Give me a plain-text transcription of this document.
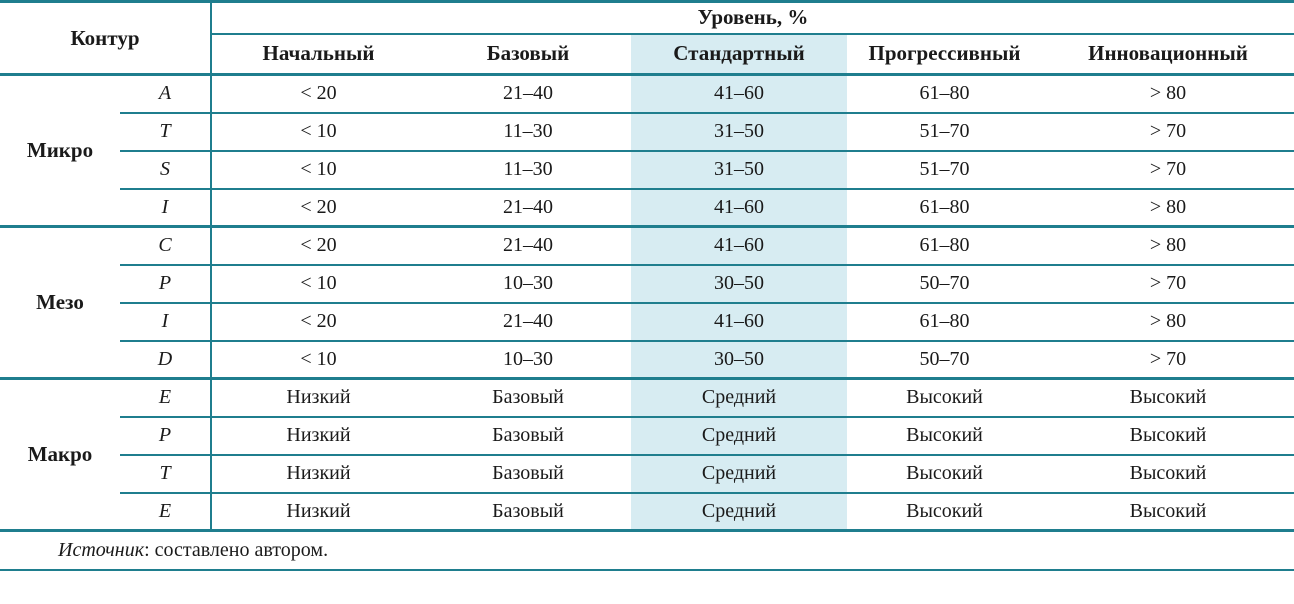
Контур		Уровень, %				
		Начальный	Базовый	Стандартный	Прогрессивный	Инновационный
Микро	A	< 20	21–40	41–60	61–80	> 80
	T	< 10	11–30	31–50	51–70	> 70
	S	< 10	11–30	31–50	51–70	> 70
	I	< 20	21–40	41–60	61–80	> 80
Мезо	C	< 20	21–40	41–60	61–80	> 80
	P	< 10	10–30	30–50	50–70	> 70
	I	< 20	21–40	41–60	61–80	> 80
	D	< 10	10–30	30–50	50–70	> 70
Макро	E	Низкий	Базовый	Средний	Высокий	Высокий
	P	Низкий	Базовый	Средний	Высокий	Высокий
	T	Низкий	Базовый	Средний	Высокий	Высокий
	E	Низкий	Базовый	Средний	Высокий	Высокий
Источник : составлено автором.
